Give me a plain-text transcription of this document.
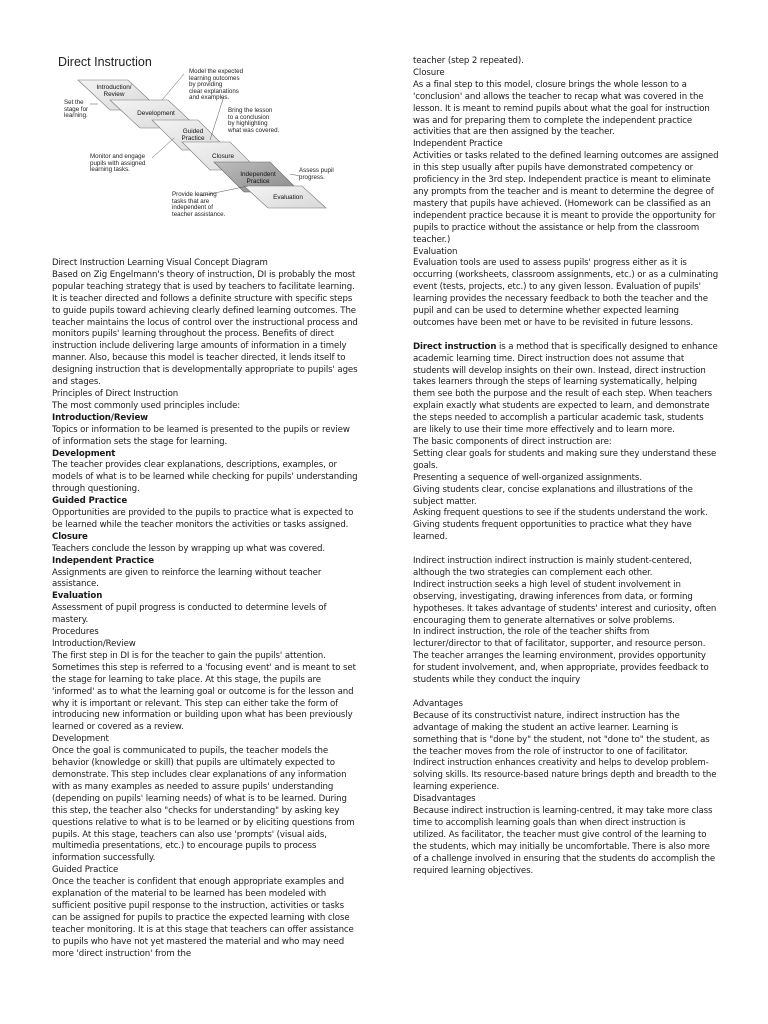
Direct Instruction
Introduction/
Review
Development
Guided
Practice
Closure
Independent
Practice
Evaluation
Set the
stage for
learning.
Model the expected
learning outcomes
by providing
clear explanations
and examples.
Bring the lesson
to a conclusion
by highlighting
what was covered.
Monitor and engage
pupils with assigned
learning tasks.	Assess pupil
progress.
Provide learning
tasks that are
independent of
teacher assistance.

Direct Instruction Learning Visual Concept Diagram

Based on Zig Engelmann's theory of instruction, DI is probably the most popular teaching strategy that is used by teachers to facilitate learning. It is teacher directed and follows a definite structure with specific steps to guide pupils toward achieving clearly defined learning outcomes. The teacher maintains the locus of control over the instructional process and monitors pupils' learning throughout the process. Benefits of direct instruction include delivering large amounts of information in a timely manner. Also, because this model is teacher directed, it lends itself to designing instruction that is developmentally appropriate to pupils' ages and stages.

Principles of Direct Instruction

The most commonly used principles include:

Introduction/Review

Topics or information to be learned is presented to the pupils or review of information sets the stage for learning.

Development

The teacher provides clear explanations, descriptions, examples, or models of what is to be learned while checking for pupils' understanding through questioning.

Guided Practice

Opportunities are provided to the pupils to practice what is expected to be learned while the teacher monitors the activities or tasks assigned.

Closure

Teachers conclude the lesson by wrapping up what was covered.

Independent Practice

Assignments are given to reinforce the learning without teacher assistance.

Evaluation

Assessment of pupil progress is conducted to determine levels of mastery.

Procedures

Introduction/Review

The first step in DI is for the teacher to gain the pupils' attention. Sometimes this step is referred to a 'focusing event' and is meant to set the stage for learning to take place. At this stage, the pupils are 'informed' as to what the learning goal or outcome is for the lesson and why it is important or relevant. This step can either take the form of introducing new information or building upon what has been previously learned or covered as a review.

Development

Once the goal is communicated to pupils, the teacher models the behavior (knowledge or skill) that pupils are ultimately expected to demonstrate. This step includes clear explanations of any information with as many examples as needed to assure pupils' understanding (depending on pupils' learning needs) of what is to be learned. During this step, the teacher also "checks for understanding" by asking key questions relative to what is to be learned or by eliciting questions from pupils. At this stage, teachers can also use 'prompts' (visual aids, multimedia presentations, etc.) to encourage pupils to process information successfully.

Guided Practice

Once the teacher is confident that enough appropriate examples and explanation of the material to be learned has been modeled with sufficient positive pupil response to the instruction, activities or tasks can be assigned for pupils to practice the expected learning with close teacher monitoring. It is at this stage that teachers can offer assistance to pupils who have not yet mastered the material and who may need more 'direct instruction' from the

teacher (step 2 repeated).

Closure

As a final step to this model, closure brings the whole lesson to a 'conclusion' and allows the teacher to recap what was covered in the lesson. It is meant to remind pupils about what the goal for instruction was and for preparing them to complete the independent practice activities that are then assigned by the teacher.

Independent Practice

Activities or tasks related to the defined learning outcomes are assigned in this step usually after pupils have demonstrated competency or proficiency in the 3rd step. Independent practice is meant to eliminate any prompts from the teacher and is meant to determine the degree of mastery that pupils have achieved. (Homework can be classified as an independent practice because it is meant to provide the opportunity for pupils to practice without the assistance or help from the classroom teacher.)

Evaluation

Evaluation tools are used to assess pupils' progress either as it is occurring (worksheets, classroom assignments, etc.) or as a culminating event (tests, projects, etc.) to any given lesson. Evaluation of pupils' learning provides the necessary feedback to both the teacher and the pupil and can be used to determine whether expected learning outcomes have been met or have to be revisited in future lessons.

Direct instruction is a method that is specifically designed to enhance academic learning time. Direct instruction does not assume that students will develop insights on their own. Instead, direct instruction takes learners through the steps of learning systematically, helping them see both the purpose and the result of each step. When teachers explain exactly what students are expected to learn, and demonstrate the steps needed to accomplish a particular academic task, students are likely to use their time more effectively and to learn more.

The basic components of direct instruction are:

Setting clear goals for students and making sure they understand these goals.

Presenting a sequence of well-organized assignments.

Giving students clear, concise explanations and illustrations of the subject matter.

Asking frequent questions to see if the students understand the work.

Giving students frequent opportunities to practice what they have learned.

Indirect instruction indirect instruction is mainly student-centered, although the two strategies can complement each other.

Indirect instruction seeks a high level of student involvement in observing, investigating, drawing inferences from data, or forming hypotheses. It takes advantage of students' interest and curiosity, often encouraging them to generate alternatives or solve problems.

In indirect instruction, the role of the teacher shifts from lecturer/director to that of facilitator, supporter, and resource person. The teacher arranges the learning environment, provides opportunity for student involvement, and, when appropriate, provides feedback to students while they conduct the inquiry

Advantages

Because of its constructivist nature, indirect instruction has the advantage of making the student an active learner. Learning is something that is "done by" the student, not "done to" the student, as the teacher moves from the role of instructor to one of facilitator. Indirect instruction enhances creativity and helps to develop problem-solving skills. Its resource-based nature brings depth and breadth to the learning experience.

Disadvantages

Because indirect instruction is learning-centred, it may take more class time to accomplish learning goals than when direct instruction is utilized. As facilitator, the teacher must give control of the learning to the students, which may initially be uncomfortable. There is also more of a challenge involved in ensuring that the students do accomplish the required learning objectives.
